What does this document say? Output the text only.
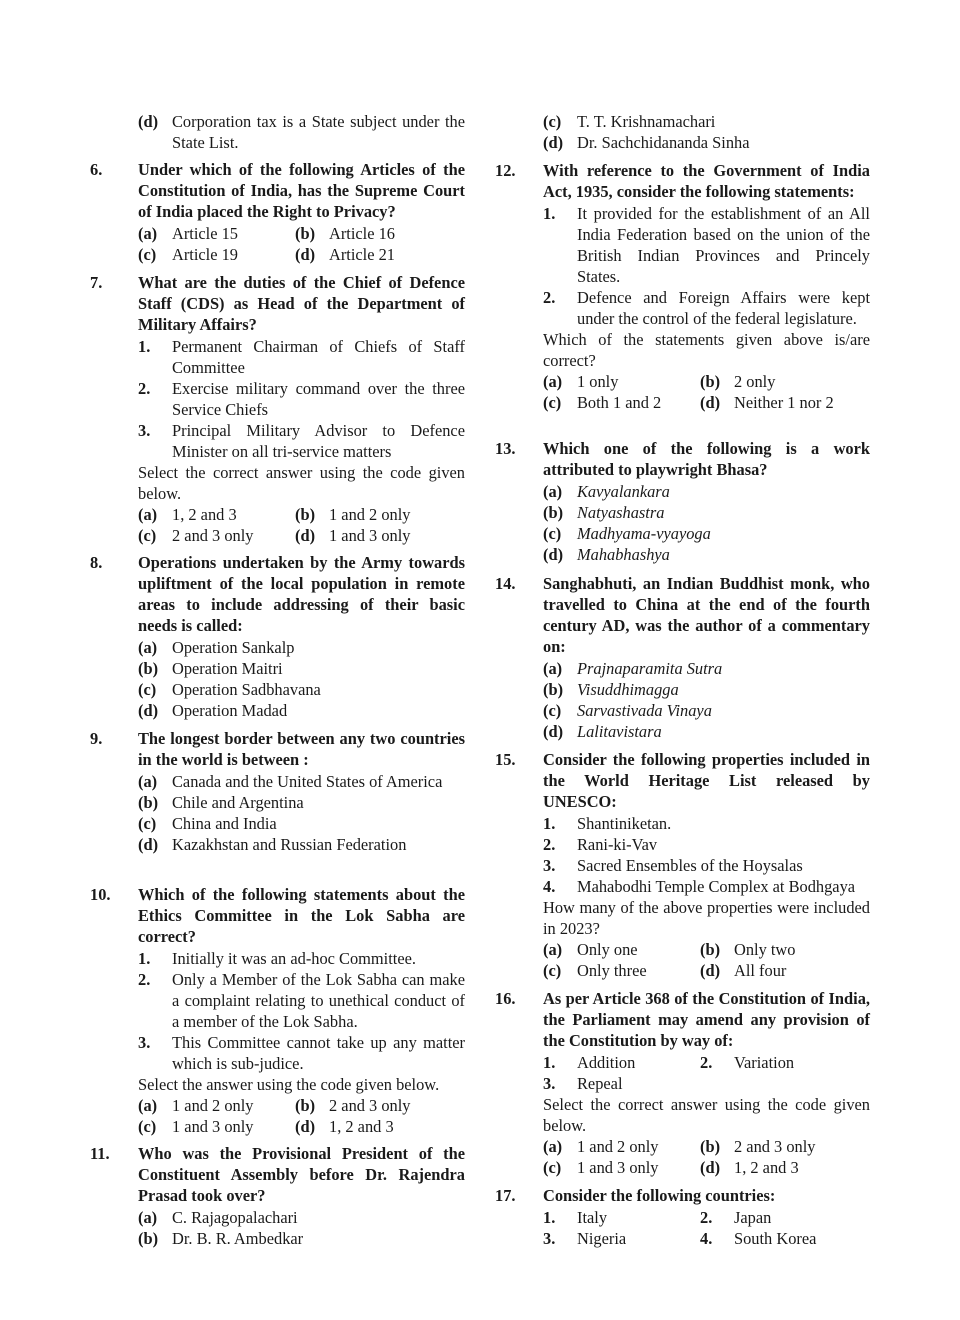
(d) Corporation tax is a State subject under the State List.
6. Under which of the following Articles of the Constitution of India, has the Supreme Court of India placed the Right to Privacy?
(a) Article 15	(b) Article 16
(c) Article 19	(d) Article 21
7. What are the duties of the Chief of Defence Staff (CDS) as Head of the Department of Military Affairs?
1. Permanent Chairman of Chiefs of Staff Committee
2. Exercise military command over the three Service Chiefs
3. Principal Military Advisor to Defence Minister on all tri-service matters
Select the correct answer using the code given below.
(a) 1, 2 and 3	(b) 1 and 2 only
(c) 2 and 3 only	(d) 1 and 3 only
8. Operations undertaken by the Army towards upliftment of the local population in remote areas to include addressing of their basic needs is called:
(a) Operation Sankalp
(b) Operation Maitri
(c) Operation Sadbhavana
(d) Operation Madad
9. The longest border between any two countries in the world is between :
(a) Canada and the United States of America
(b) Chile and Argentina
(c) China and India
(d) Kazakhstan and Russian Federation
10. Which of the following statements about the Ethics Committee in the Lok Sabha are correct?
1. Initially it was an ad-hoc Committee.
2. Only a Member of the Lok Sabha can make a complaint relating to unethical conduct of a member of the Lok Sabha.
3. This Committee cannot take up any matter which is sub-judice.
Select the answer using the code given below.
(a) 1 and 2 only	(b) 2 and 3 only
(c) 1 and 3 only	(d) 1, 2 and 3
11. Who was the Provisional President of the Constituent Assembly before Dr. Rajendra Prasad took over?
(a) C. Rajagopalachari
(b) Dr. B. R. Ambedkar
(c) T. T. Krishnamachari
(d) Dr. Sachchidananda Sinha
12. With reference to the Government of India Act, 1935, consider the following statements:
1. It provided for the establishment of an All India Federation based on the union of the British Indian Provinces and Princely States.
2. Defence and Foreign Affairs were kept under the control of the federal legislature.
Which of the statements given above is/are correct?
(a) 1 only	(b) 2 only
(c) Both 1 and 2	(d) Neither 1 nor 2
13. Which one of the following is a work attributed to playwright Bhasa?
(a) Kavyalankara
(b) Natyashastra
(c) Madhyama-vyayoga
(d) Mahabhashya
14. Sanghabhuti, an Indian Buddhist monk, who travelled to China at the end of the fourth century AD, was the author of a commentary on:
(a) Prajnaparamita Sutra
(b) Visuddhimagga
(c) Sarvastivada Vinaya
(d) Lalitavistara
15. Consider the following properties included in the World Heritage List released by UNESCO:
1. Shantiniketan.
2. Rani-ki-Vav
3. Sacred Ensembles of the Hoysalas
4. Mahabodhi Temple Complex at Bodhgaya
How many of the above properties were included in 2023?
(a) Only one	(b) Only two
(c) Only three	(d) All four
16. As per Article 368 of the Constitution of India, the Parliament may amend any provision of the Constitution by way of:
1. Addition	2. Variation
3. Repeal
Select the correct answer using the code given below.
(a) 1 and 2 only	(b) 2 and 3 only
(c) 1 and 3 only	(d) 1, 2 and 3
17. Consider the following countries:
1. Italy	2. Japan
3. Nigeria	4. South Korea
